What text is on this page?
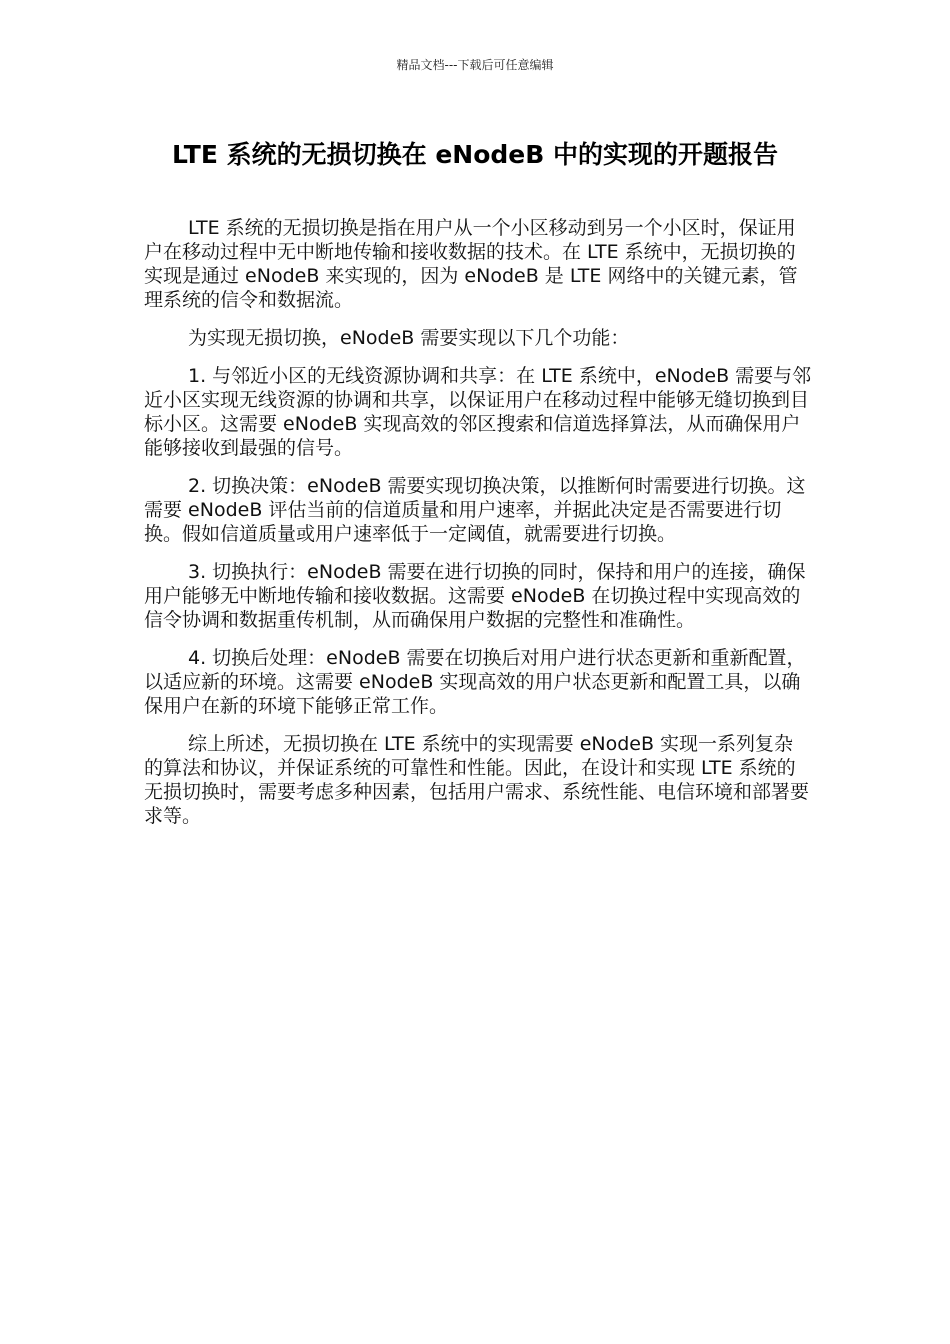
精品文档---下载后可任意编辑
LTE 系统的无损切换在 eNodeB 中的实现的开题报告

LTE 系统的无损切换是指在用户从一个小区移动到另一个小区时，保证用户在移动过程中无中断地传输和接收数据的技术。在 LTE 系统中，无损切换的实现是通过 eNodeB 来实现的，因为 eNodeB 是 LTE 网络中的关键元素，管理系统的信令和数据流。

为实现无损切换，eNodeB 需要实现以下几个功能：

1. 与邻近小区的无线资源协调和共享：在 LTE 系统中，eNodeB 需要与邻近小区实现无线资源的协调和共享，以保证用户在移动过程中能够无缝切换到目标小区。这需要 eNodeB 实现高效的邻区搜索和信道选择算法，从而确保用户能够接收到最强的信号。

2. 切换决策：eNodeB 需要实现切换决策，以推断何时需要进行切换。这需要 eNodeB 评估当前的信道质量和用户速率，并据此决定是否需要进行切换。假如信道质量或用户速率低于一定阈值，就需要进行切换。

3. 切换执行：eNodeB 需要在进行切换的同时，保持和用户的连接，确保用户能够无中断地传输和接收数据。这需要 eNodeB 在切换过程中实现高效的信令协调和数据重传机制，从而确保用户数据的完整性和准确性。

4. 切换后处理：eNodeB 需要在切换后对用户进行状态更新和重新配置，以适应新的环境。这需要 eNodeB 实现高效的用户状态更新和配置工具，以确保用户在新的环境下能够正常工作。

综上所述，无损切换在 LTE 系统中的实现需要 eNodeB 实现一系列复杂的算法和协议，并保证系统的可靠性和性能。因此，在设计和实现 LTE 系统的无损切换时，需要考虑多种因素，包括用户需求、系统性能、电信环境和部署要求等。
